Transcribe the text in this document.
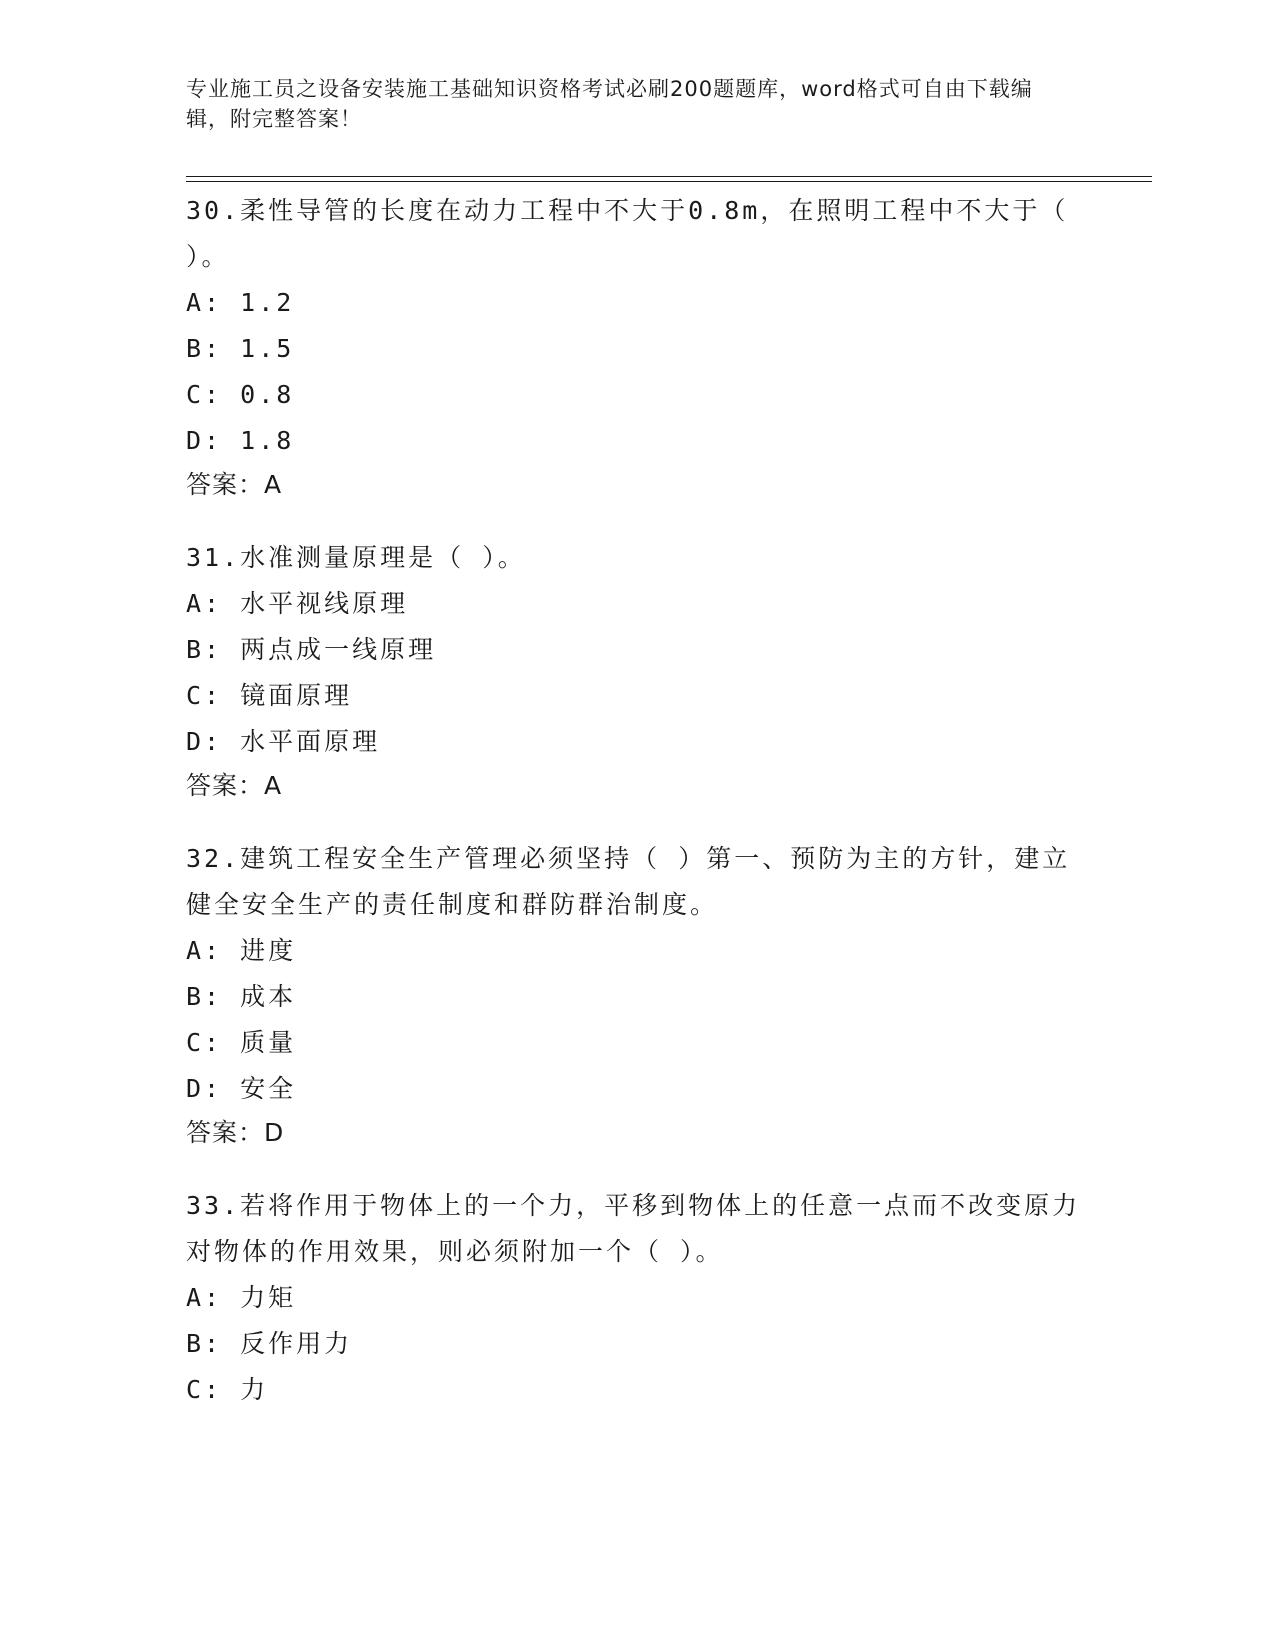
专业施工员之设备安装施工基础知识资格考试必刷200题题库，word格式可自由下载编辑，附完整答案！
30.柔性导管的长度在动力工程中不大于0.8m，在照明工程中不大于（ ）。
A: 1.2
B: 1.5
C: 0.8
D: 1.8
答案：A
31.水准测量原理是（ ）。
A: 水平视线原理
B: 两点成一线原理
C: 镜面原理
D: 水平面原理
答案：A
32.建筑工程安全生产管理必须坚持（ ）第一、预防为主的方针，建立健全安全生产的责任制度和群防群治制度。
A: 进度
B: 成本
C: 质量
D: 安全
答案：D
33.若将作用于物体上的一个力，平移到物体上的任意一点而不改变原力对物体的作用效果，则必须附加一个（ ）。
A: 力矩
B: 反作用力
C: 力
